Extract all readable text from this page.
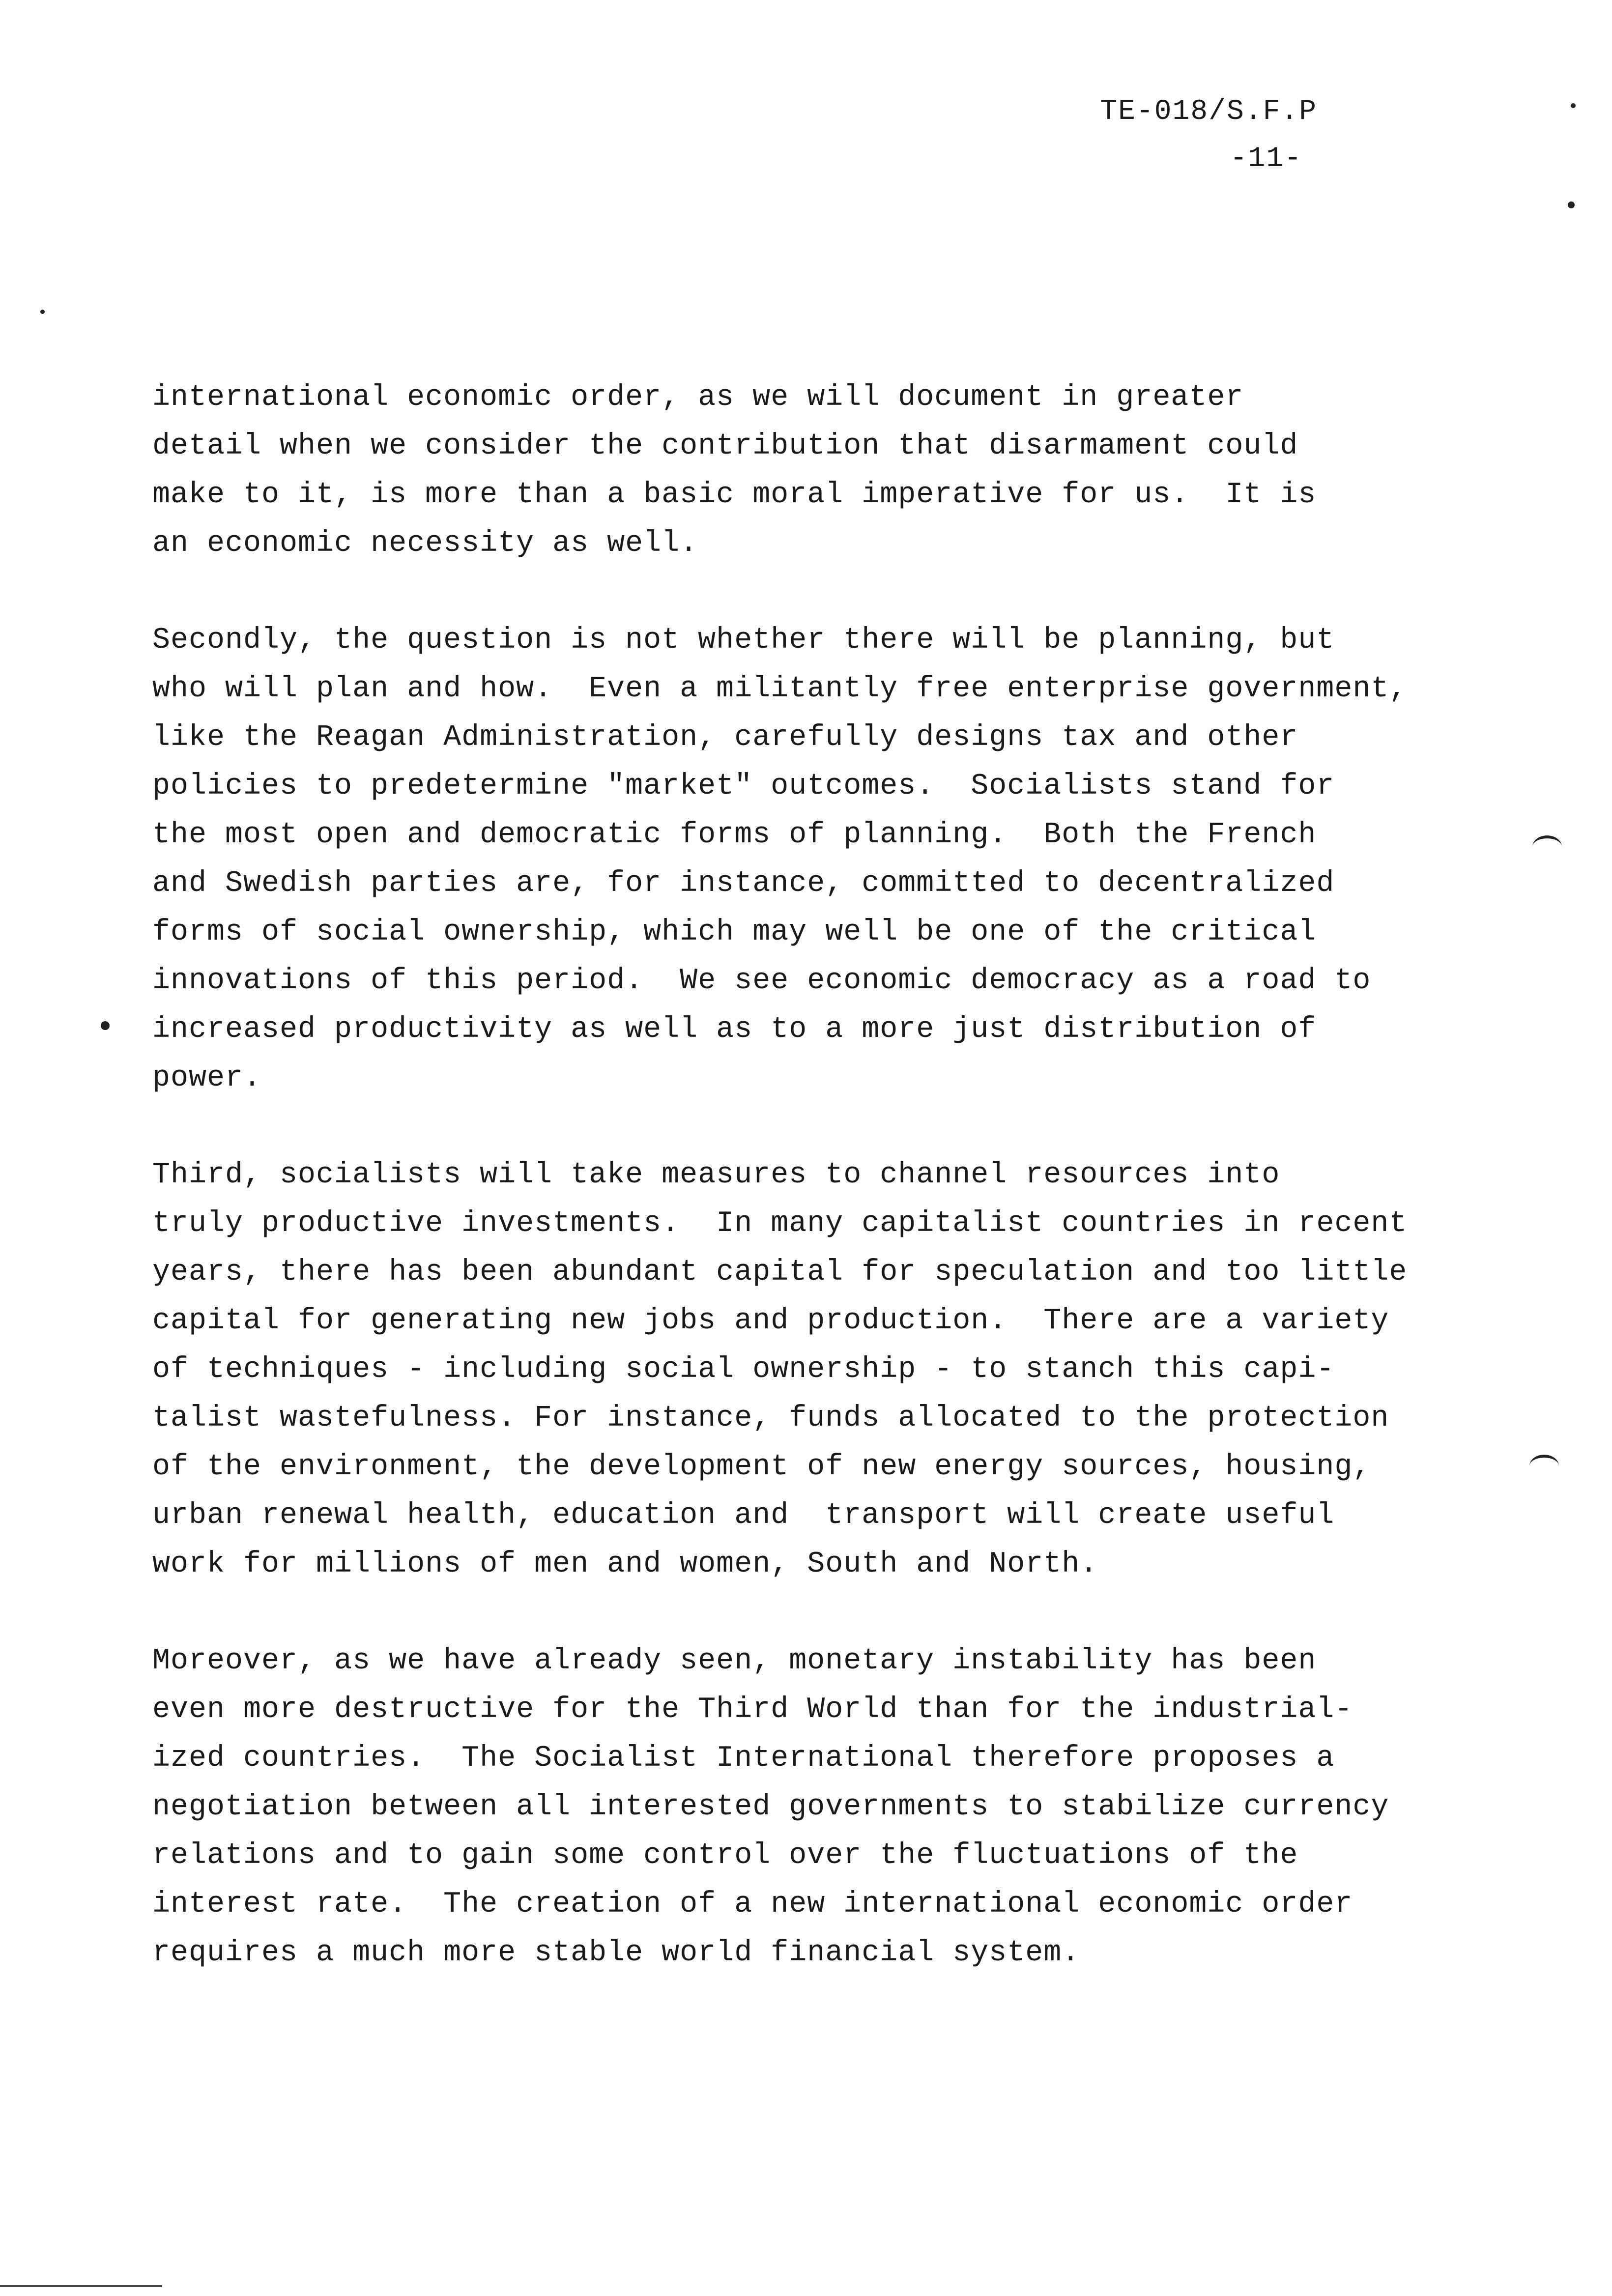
TE-018/S.F.P
-11-
international economic order, as we will document in greater
detail when we consider the contribution that disarmament could
make to it, is more than a basic moral imperative for us.  It is
an economic necessity as well.
Secondly, the question is not whether there will be planning, but
who will plan and how.  Even a militantly free enterprise government,
like the Reagan Administration, carefully designs tax and other
policies to predetermine "market" outcomes.  Socialists stand for
the most open and democratic forms of planning.  Both the French
and Swedish parties are, for instance, committed to decentralized
forms of social ownership, which may well be one of the critical
innovations of this period.  We see economic democracy as a road to
increased productivity as well as to a more just distribution of
power.
Third, socialists will take measures to channel resources into
truly productive investments.  In many capitalist countries in recent
years, there has been abundant capital for speculation and too little
capital for generating new jobs and production.  There are a variety
of techniques - including social ownership - to stanch this capi-
talist wastefulness. For instance, funds allocated to the protection
of the environment, the development of new energy sources, housing,
urban renewal health, education and  transport will create useful
work for millions of men and women, South and North.
Moreover, as we have already seen, monetary instability has been
even more destructive for the Third World than for the industrial-
ized countries.  The Socialist International therefore proposes a
negotiation between all interested governments to stabilize currency
relations and to gain some control over the fluctuations of the
interest rate.  The creation of a new international economic order
requires a much more stable world financial system.
